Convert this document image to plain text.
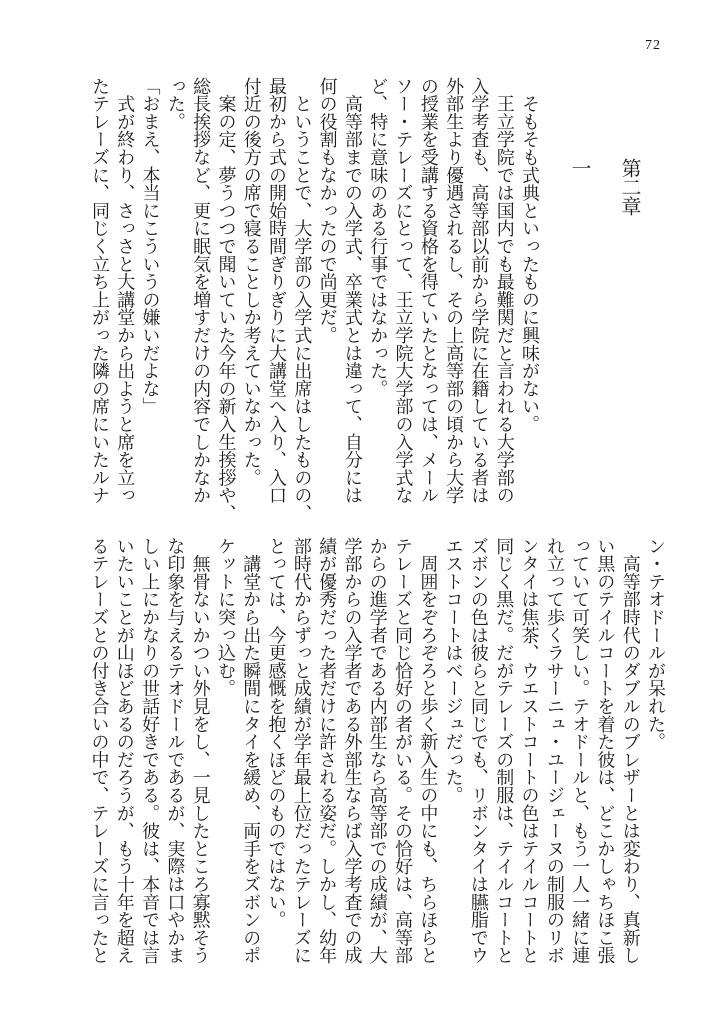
72
第二章
一
　そもそも式典といったものに興味がない。
　王立学院では国内でも最難関だと言われる大学部の
入学考査も、高等部以前から学院に在籍している者は
外部生より優遇されるし、その上高等部の頃から大学
の授業を受講する資格を得ていたとなっては、メール
ソー・テレーズにとって、王立学院大学部の入学式な
ど、特に意味のある行事ではなかった。
　高等部までの入学式、卒業式とは違って、自分には
何の役割もなかったので尚更だ。
　ということで、大学部の入学式に出席はしたものの、
最初から式の開始時間ぎりぎりに大講堂へ入り、入口
付近の後方の席で寝ることしか考えていなかった。
　案の定、夢うつつで聞いていた今年の新入生挨拶や、
総長挨拶など、更に眠気を増すだけの内容でしかなか
った。
「おまえ、本当にこういうの嫌いだよな」
　式が終わり、さっさと大講堂から出ようと席を立っ
たテレーズに、同じく立ち上がった隣の席にいたルナ
ン・テオドールが呆れた。
　高等部時代のダブルのブレザーとは変わり、真新し
い黒のテイルコートを着た彼は、どこかしゃちほこ張
っていて可笑しい。テオドールと、もう一人一緒に連
れ立って歩くラサーニュ・ユージェーヌの制服のリボ
ンタイは焦茶、ウエストコートの色はテイルコートと
同じく黒だ。だがテレーズの制服は、テイルコートと
ズボンの色は彼らと同じでも、リボンタイは臙脂でウ
エストコートはベージュだった。
　周囲をぞろぞろと歩く新入生の中にも、ちらほらと
テレーズと同じ恰好の者がいる。その恰好は、高等部
からの進学者である内部生なら高等部での成績が、大
学部からの入学者である外部生ならば入学考査での成
績が優秀だった者だけに許される姿だ。しかし、幼年
部時代からずっと成績が学年最上位だったテレーズに
とっては、今更感慨を抱くほどのものではない。
　講堂から出た瞬間にタイを緩め、両手をズボンのポ
ケットに突っ込む。
　無骨ないかつい外見をし、一見したところ寡黙そう
な印象を与えるテオドールであるが、実際は口やかま
しい上にかなりの世話好きである。彼は、本音では言
いたいことが山ほどあるのだろうが、もう十年を超え
るテレーズとの付き合いの中で、テレーズに言ったと
